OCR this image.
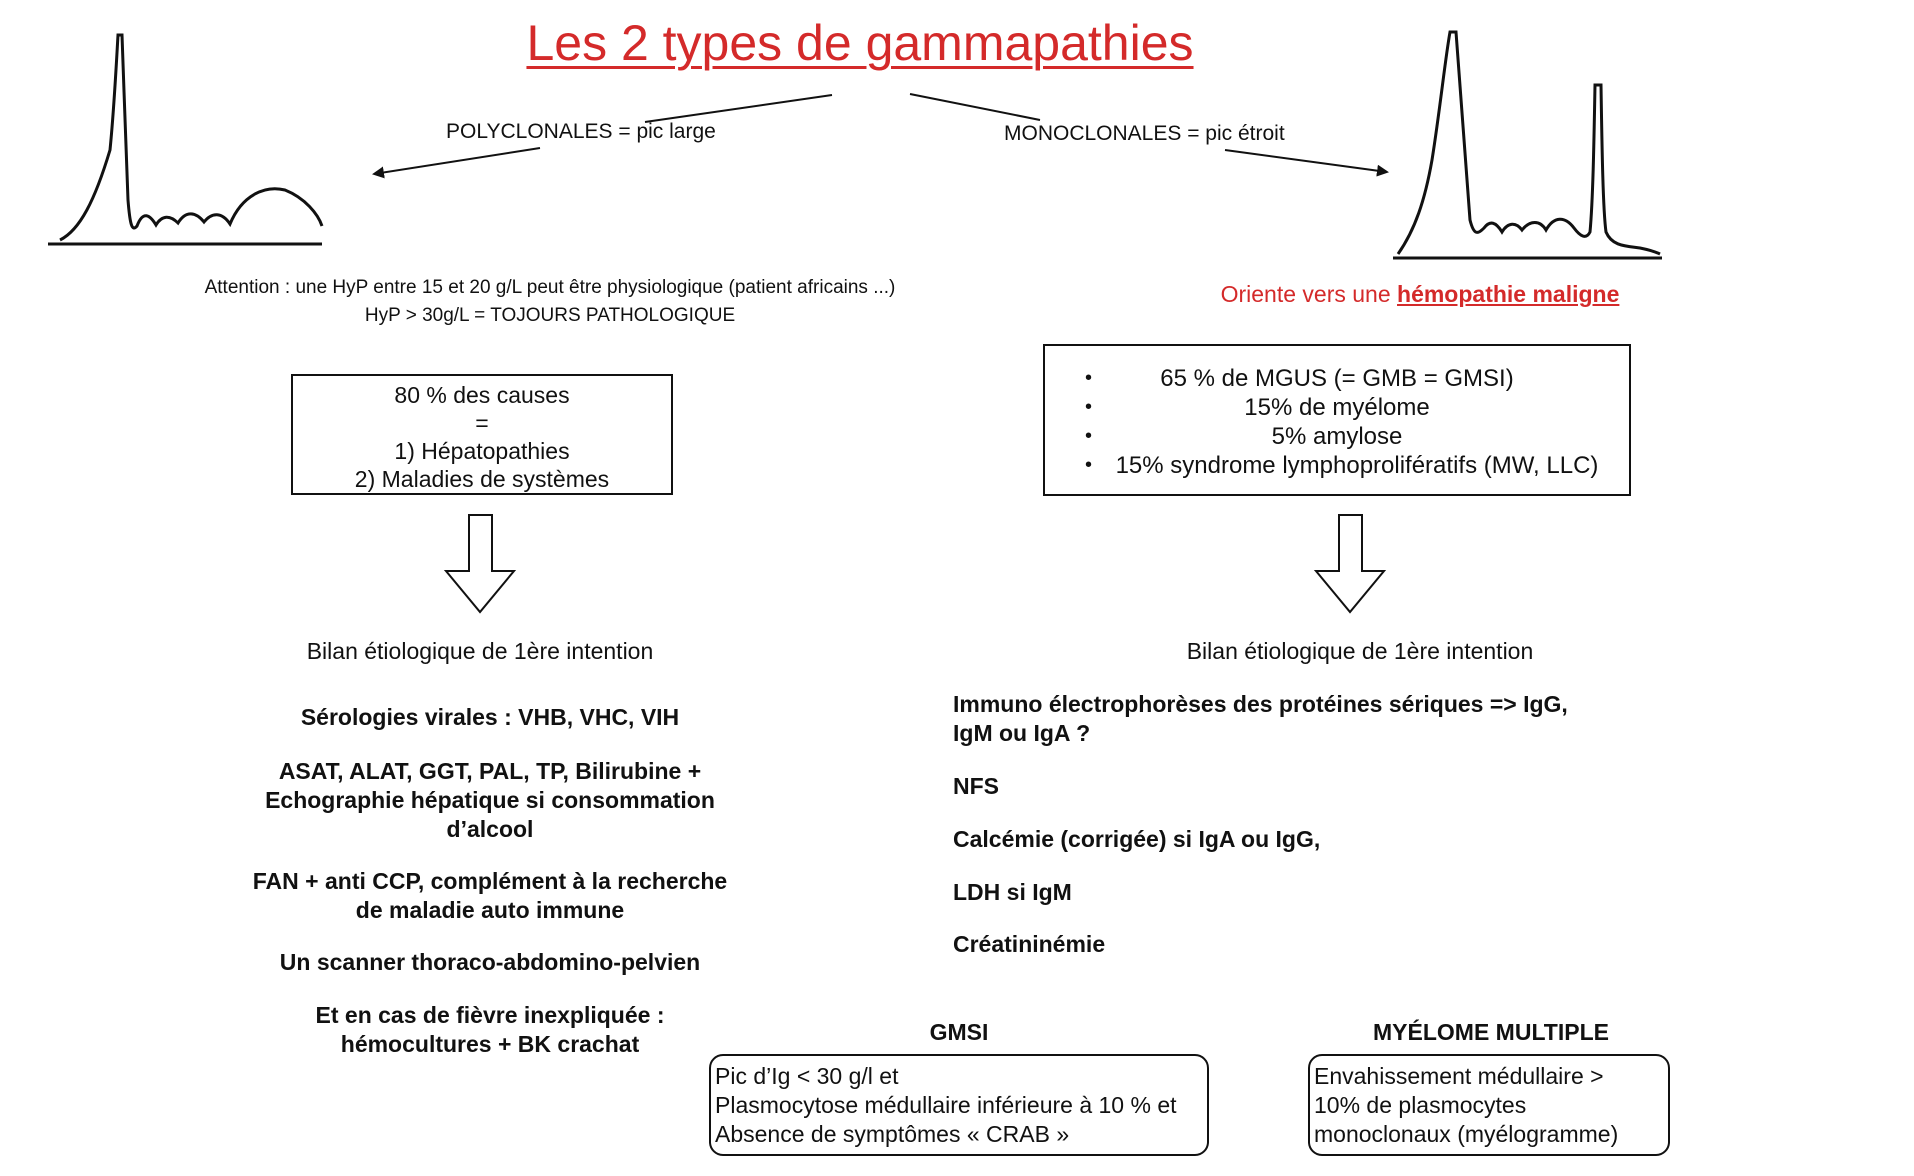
Les 2 types de gammapathies
POLYCLONALES = pic large	MONOCLONALES = pic étroit
Attention : une HyP entre 15 et 20 g/L peut être physiologique (patient africains ...)
HyP > 30g/L = TOJOURS PATHOLOGIQUE
Oriente vers une hémopathie maligne
80 % des causes
=
1) Hépatopathies
2) Maladies de systèmes
•	65 % de MGUS (= GMB = GMSI)
•	15% de myélome
•	5% amylose
• 15% syndrome lymphoprolifératifs (MW, LLC)
Bilan étiologique de 1ère intention	Bilan étiologique de 1ère intention
Sérologies virales : VHB, VHC, VIH
ASAT, ALAT, GGT, PAL, TP, Bilirubine + Echographie hépatique si consommation d’alcool
FAN + anti CCP, complément à la recherche de maladie auto immune
Un scanner thoraco-abdomino-pelvien
Et en cas de fièvre inexpliquée : hémocultures + BK crachat
Immuno électrophorèses des protéines sériques => IgG, IgM ou IgA ?
NFS
Calcémie (corrigée) si IgA ou IgG,
LDH si IgM
Créatininémie
GMSI
Pic d’Ig < 30 g/l et
Plasmocytose médullaire inférieure à 10 % et
Absence de symptômes « CRAB »
MYÉLOME MULTIPLE
Envahissement médullaire >
10% de plasmocytes
monoclonaux (myélogramme)
